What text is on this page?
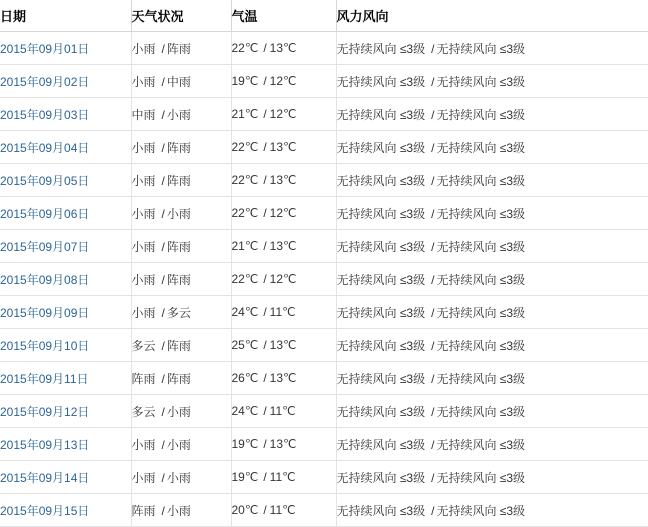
日期	天气状况	气温	风力风向
2015年09月01日	小雨 / 阵雨	22℃ / 13℃	无持续风向 ≤3级 / 无持续风向 ≤3级
2015年09月02日	小雨 / 中雨	19℃ / 12℃	无持续风向 ≤3级 / 无持续风向 ≤3级
2015年09月03日	中雨 / 小雨	21℃ / 12℃	无持续风向 ≤3级 / 无持续风向 ≤3级
2015年09月04日	小雨 / 阵雨	22℃ / 13℃	无持续风向 ≤3级 / 无持续风向 ≤3级
2015年09月05日	小雨 / 阵雨	22℃ / 13℃	无持续风向 ≤3级 / 无持续风向 ≤3级
2015年09月06日	小雨 / 小雨	22℃ / 12℃	无持续风向 ≤3级 / 无持续风向 ≤3级
2015年09月07日	小雨 / 阵雨	21℃ / 13℃	无持续风向 ≤3级 / 无持续风向 ≤3级
2015年09月08日	小雨 / 阵雨	22℃ / 12℃	无持续风向 ≤3级 / 无持续风向 ≤3级
2015年09月09日	小雨 / 多云	24℃ / 11℃	无持续风向 ≤3级 / 无持续风向 ≤3级
2015年09月10日	多云 / 阵雨	25℃ / 13℃	无持续风向 ≤3级 / 无持续风向 ≤3级
2015年09月11日	阵雨 / 阵雨	26℃ / 13℃	无持续风向 ≤3级 / 无持续风向 ≤3级
2015年09月12日	多云 / 小雨	24℃ / 11℃	无持续风向 ≤3级 / 无持续风向 ≤3级
2015年09月13日	小雨 / 小雨	19℃ / 13℃	无持续风向 ≤3级 / 无持续风向 ≤3级
2015年09月14日	小雨 / 小雨	19℃ / 11℃	无持续风向 ≤3级 / 无持续风向 ≤3级
2015年09月15日	阵雨 / 小雨	20℃ / 11℃	无持续风向 ≤3级 / 无持续风向 ≤3级
